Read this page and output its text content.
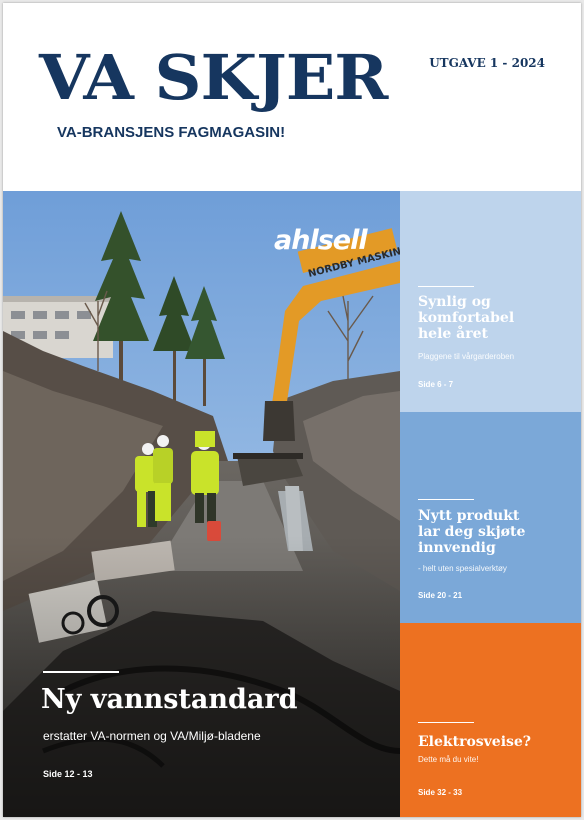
VA SKJER
VA-BRANSJENS FAGMAGASIN!
UTGAVE 1 - 2024
ahlsell
Ny vannstandard
erstatter VA-normen og VA/Miljø-bladene
Side 12 - 13
Synlig og
komfortabel
hele året
Plaggene til vårgarderoben
Side 6 - 7
Nytt produkt
lar deg skjøte
innvendig
- helt uten spesialverktøy
Side 20 - 21
Elektrosveise?
Dette må du vite!
Side 32 - 33
